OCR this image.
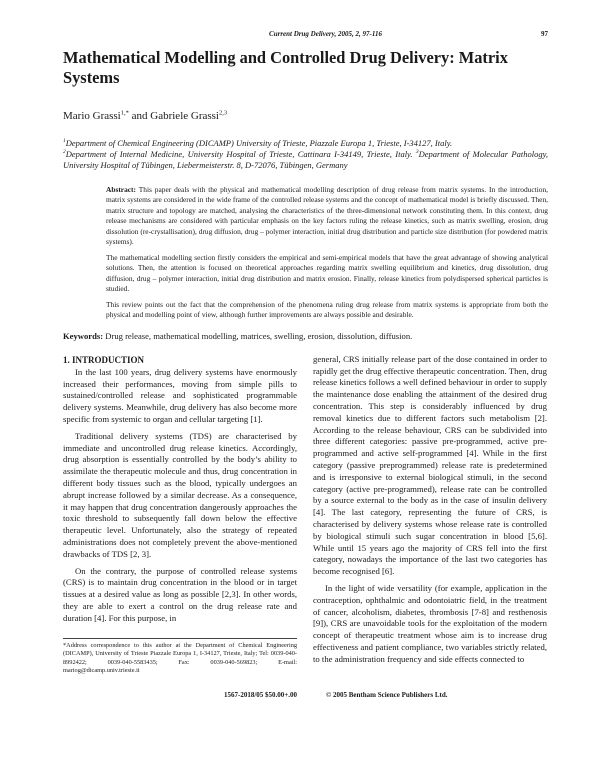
Current Drug Delivery, 2005, 2, 97-116	97
Mathematical Modelling and Controlled Drug Delivery: Matrix Systems
Mario Grassi$^{1,*}$ and Gabriele Grassi$^{2,3}$
$^1$Department of Chemical Engineering (DICAMP) University of Trieste, Piazzale Europa 1, Trieste, I-34127, Italy.
$^2$Department of Internal Medicine, University Hospital of Trieste, Cattinara I-34149, Trieste, Italy. $^3$Department of Molecular Pathology, University Hospital of Tübingen, Liebermeisterstr. 8, D-72076, Tübingen, Germany

Abstract: This paper deals with the physical and mathematical modelling description of drug release from matrix systems. In the introduction, matrix systems are considered in the wide frame of the controlled release systems and the concept of mathematical model is briefly discussed. Then, matrix structure and topology are matched, analysing the characteristics of the three-dimensional network constituting them. In this context, drug release mechanisms are considered with particular emphasis on the key factors ruling the release kinetics, such as matrix swelling, erosion, drug dissolution (re-crystallisation), drug diffusion, drug – polymer interaction, initial drug distribution and particle size distribution (for powdered matrix systems).

The mathematical modelling section firstly considers the empirical and semi-empirical models that have the great advantage of showing analytical solutions. Then, the attention is focused on theoretical approaches regarding matrix swelling equilibrium and kinetics, drug dissolution, drug diffusion, drug – polymer interaction, initial drug distribution and matrix erosion. Finally, release kinetics from polydispersed spherical particles is studied.

This review points out the fact that the comprehension of the phenomena ruling drug release from matrix systems is appropriate from both the physical and modelling point of view, although further improvements are always possible and desirable.

Keywords: Drug release, mathematical modelling, matrices, swelling, erosion, dissolution, diffusion.
1. INTRODUCTION

In the last 100 years, drug delivery systems have enormously increased their performances, moving from simple pills to sustained/controlled release and sophisticated programmable delivery systems. Meanwhile, drug delivery has also become more specific from systemic to organ and cellular targeting [1].

Traditional delivery systems (TDS) are characterised by immediate and uncontrolled drug release kinetics. Accordingly, drug absorption is essentially controlled by the body’s ability to assimilate the therapeutic molecule and thus, drug concentration in different body tissues such as the blood, typically undergoes an abrupt increase followed by a similar decrease. As a consequence, it may happen that drug concentration dangerously approaches the toxic threshold to subsequently fall down below the effective therapeutic level. Unfortunately, also the strategy of repeated administrations does not completely prevent the above-mentioned drawbacks of TDS [2, 3].

On the contrary, the purpose of controlled release systems (CRS) is to maintain drug concentration in the blood or in target tissues at a desired value as long as possible [2,3]. In other words, they are able to exert a control on the drug release rate and duration [4]. For this purpose, in

*Address correspondence to this author at the Department of Chemical Engineering (DICAMP), University of Trieste Piazzale Europa 1, I-34127, Trieste, Italy; Tel: 0039-040-8992422; 0039-040-5583435; Fax: 0039-040-569823; E-mail: mariog@dicamp.univ.trieste.it

general, CRS initially release part of the dose contained in order to rapidly get the drug effective therapeutic concentration. Then, drug release kinetics follows a well defined behaviour in order to supply the maintenance dose enabling the attainment of the desired drug concentration. This step is considerably influenced by drug removal kinetics due to different factors such metabolism [2]. According to the release behaviour, CRS can be subdivided into three different categories: passive pre-programmed, active pre-programmed and active self-programmed [4]. While in the first category (passive preprogrammed) release rate is predetermined and is irresponsive to external biological stimuli, in the second category (active pre-programmed), release rate can be controlled by a source external to the body as in the case of insulin delivery [4]. The last category, representing the future of CRS, is characterised by delivery systems whose release rate is controlled by biological stimuli such sugar concentration in blood [5,6]. While until 15 years ago the majority of CRS fell into the first category, nowadays the importance of the last two categories has become recognised [6].

In the light of wide versatility (for example, application in the contraception, ophthalmic and odontoiatric field, in the treatment of cancer, alcoholism, diabetes, thrombosis [7-8] and resthenosis [9]), CRS are unavoidable tools for the exploitation of the modern concept of therapeutic treatment whose aim is to increase drug effectiveness and patient compliance, two variables strictly related, to the administration frequency and side effects connected to

1567-2018/05 $50.00+.00	© 2005 Bentham Science Publishers Ltd.
